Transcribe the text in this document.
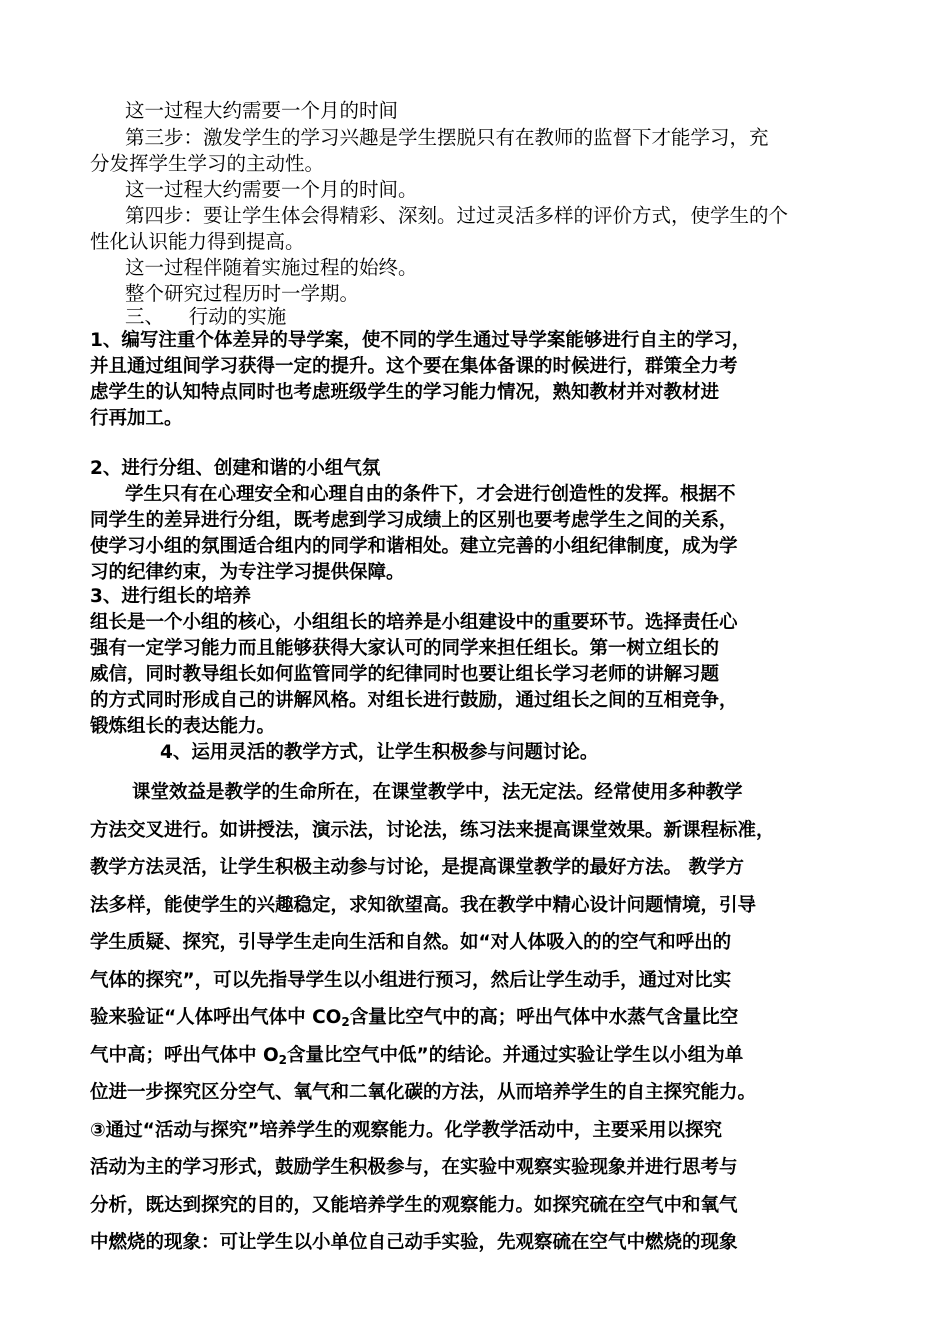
这一过程大约需要一个月的时间
第三步：激发学生的学习兴趣是学生摆脱只有在教师的监督下才能学习，充
分发挥学生学习的主动性。
这一过程大约需要一个月的时间。
第四步：要让学生体会得精彩、深刻。过过灵活多样的评价方式，使学生的个
性化认识能力得到提高。
这一过程伴随着实施过程的始终。
整个研究过程历时一学期。
三、    行动的实施
1、编写注重个体差异的导学案，使不同的学生通过导学案能够进行自主的学习，
并且通过组间学习获得一定的提升。这个要在集体备课的时候进行，群策全力考
虑学生的认知特点同时也考虑班级学生的学习能力情况，熟知教材并对教材进
行再加工。
2、进行分组、创建和谐的小组气氛
学生只有在心理安全和心理自由的条件下，才会进行创造性的发挥。根据不
同学生的差异进行分组，既考虑到学习成绩上的区别也要考虑学生之间的关系，
使学习小组的氛围适合组内的同学和谐相处。建立完善的小组纪律制度，成为学
习的纪律约束，为专注学习提供保障。
3、进行组长的培养
组长是一个小组的核心，小组组长的培养是小组建设中的重要环节。选择责任心
强有一定学习能力而且能够获得大家认可的同学来担任组长。第一树立组长的
威信，同时教导组长如何监管同学的纪律同时也要让组长学习老师的讲解习题
的方式同时形成自己的讲解风格。对组长进行鼓励，通过组长之间的互相竞争，
锻炼组长的表达能力。
4、运用灵活的教学方式，让学生积极参与问题讨论。
课堂效益是教学的生命所在，在课堂教学中，法无定法。经常使用多种教学
方法交叉进行。如讲授法，演示法，讨论法，练习法来提高课堂效果。新课程标准，
教学方法灵活，让学生积极主动参与讨论，是提高课堂教学的最好方法。 教学方
法多样，能使学生的兴趣稳定，求知欲望高。我在教学中精心设计问题情境，引导
学生质疑、探究，引导学生走向生活和自然。如“对人体吸入的的空气和呼出的
气体的探究”，可以先指导学生以小组进行预习，然后让学生动手，通过对比实
验来验证“人体呼出气体中 $CO_2$含量比空气中的高；呼出气体中水蒸气含量比空
气中高；呼出气体中 $O_2$含量比空气中低”的结论。并通过实验让学生以小组为单
位进一步探究区分空气、氧气和二氧化碳的方法，从而培养学生的自主探究能力。
③通过“活动与探究”培养学生的观察能力。化学教学活动中，主要采用以探究
活动为主的学习形式，鼓励学生积极参与，在实验中观察实验现象并进行思考与
分析，既达到探究的目的，又能培养学生的观察能力。如探究硫在空气中和氧气
中燃烧的现象：可让学生以小单位自己动手实验，先观察硫在空气中燃烧的现象
